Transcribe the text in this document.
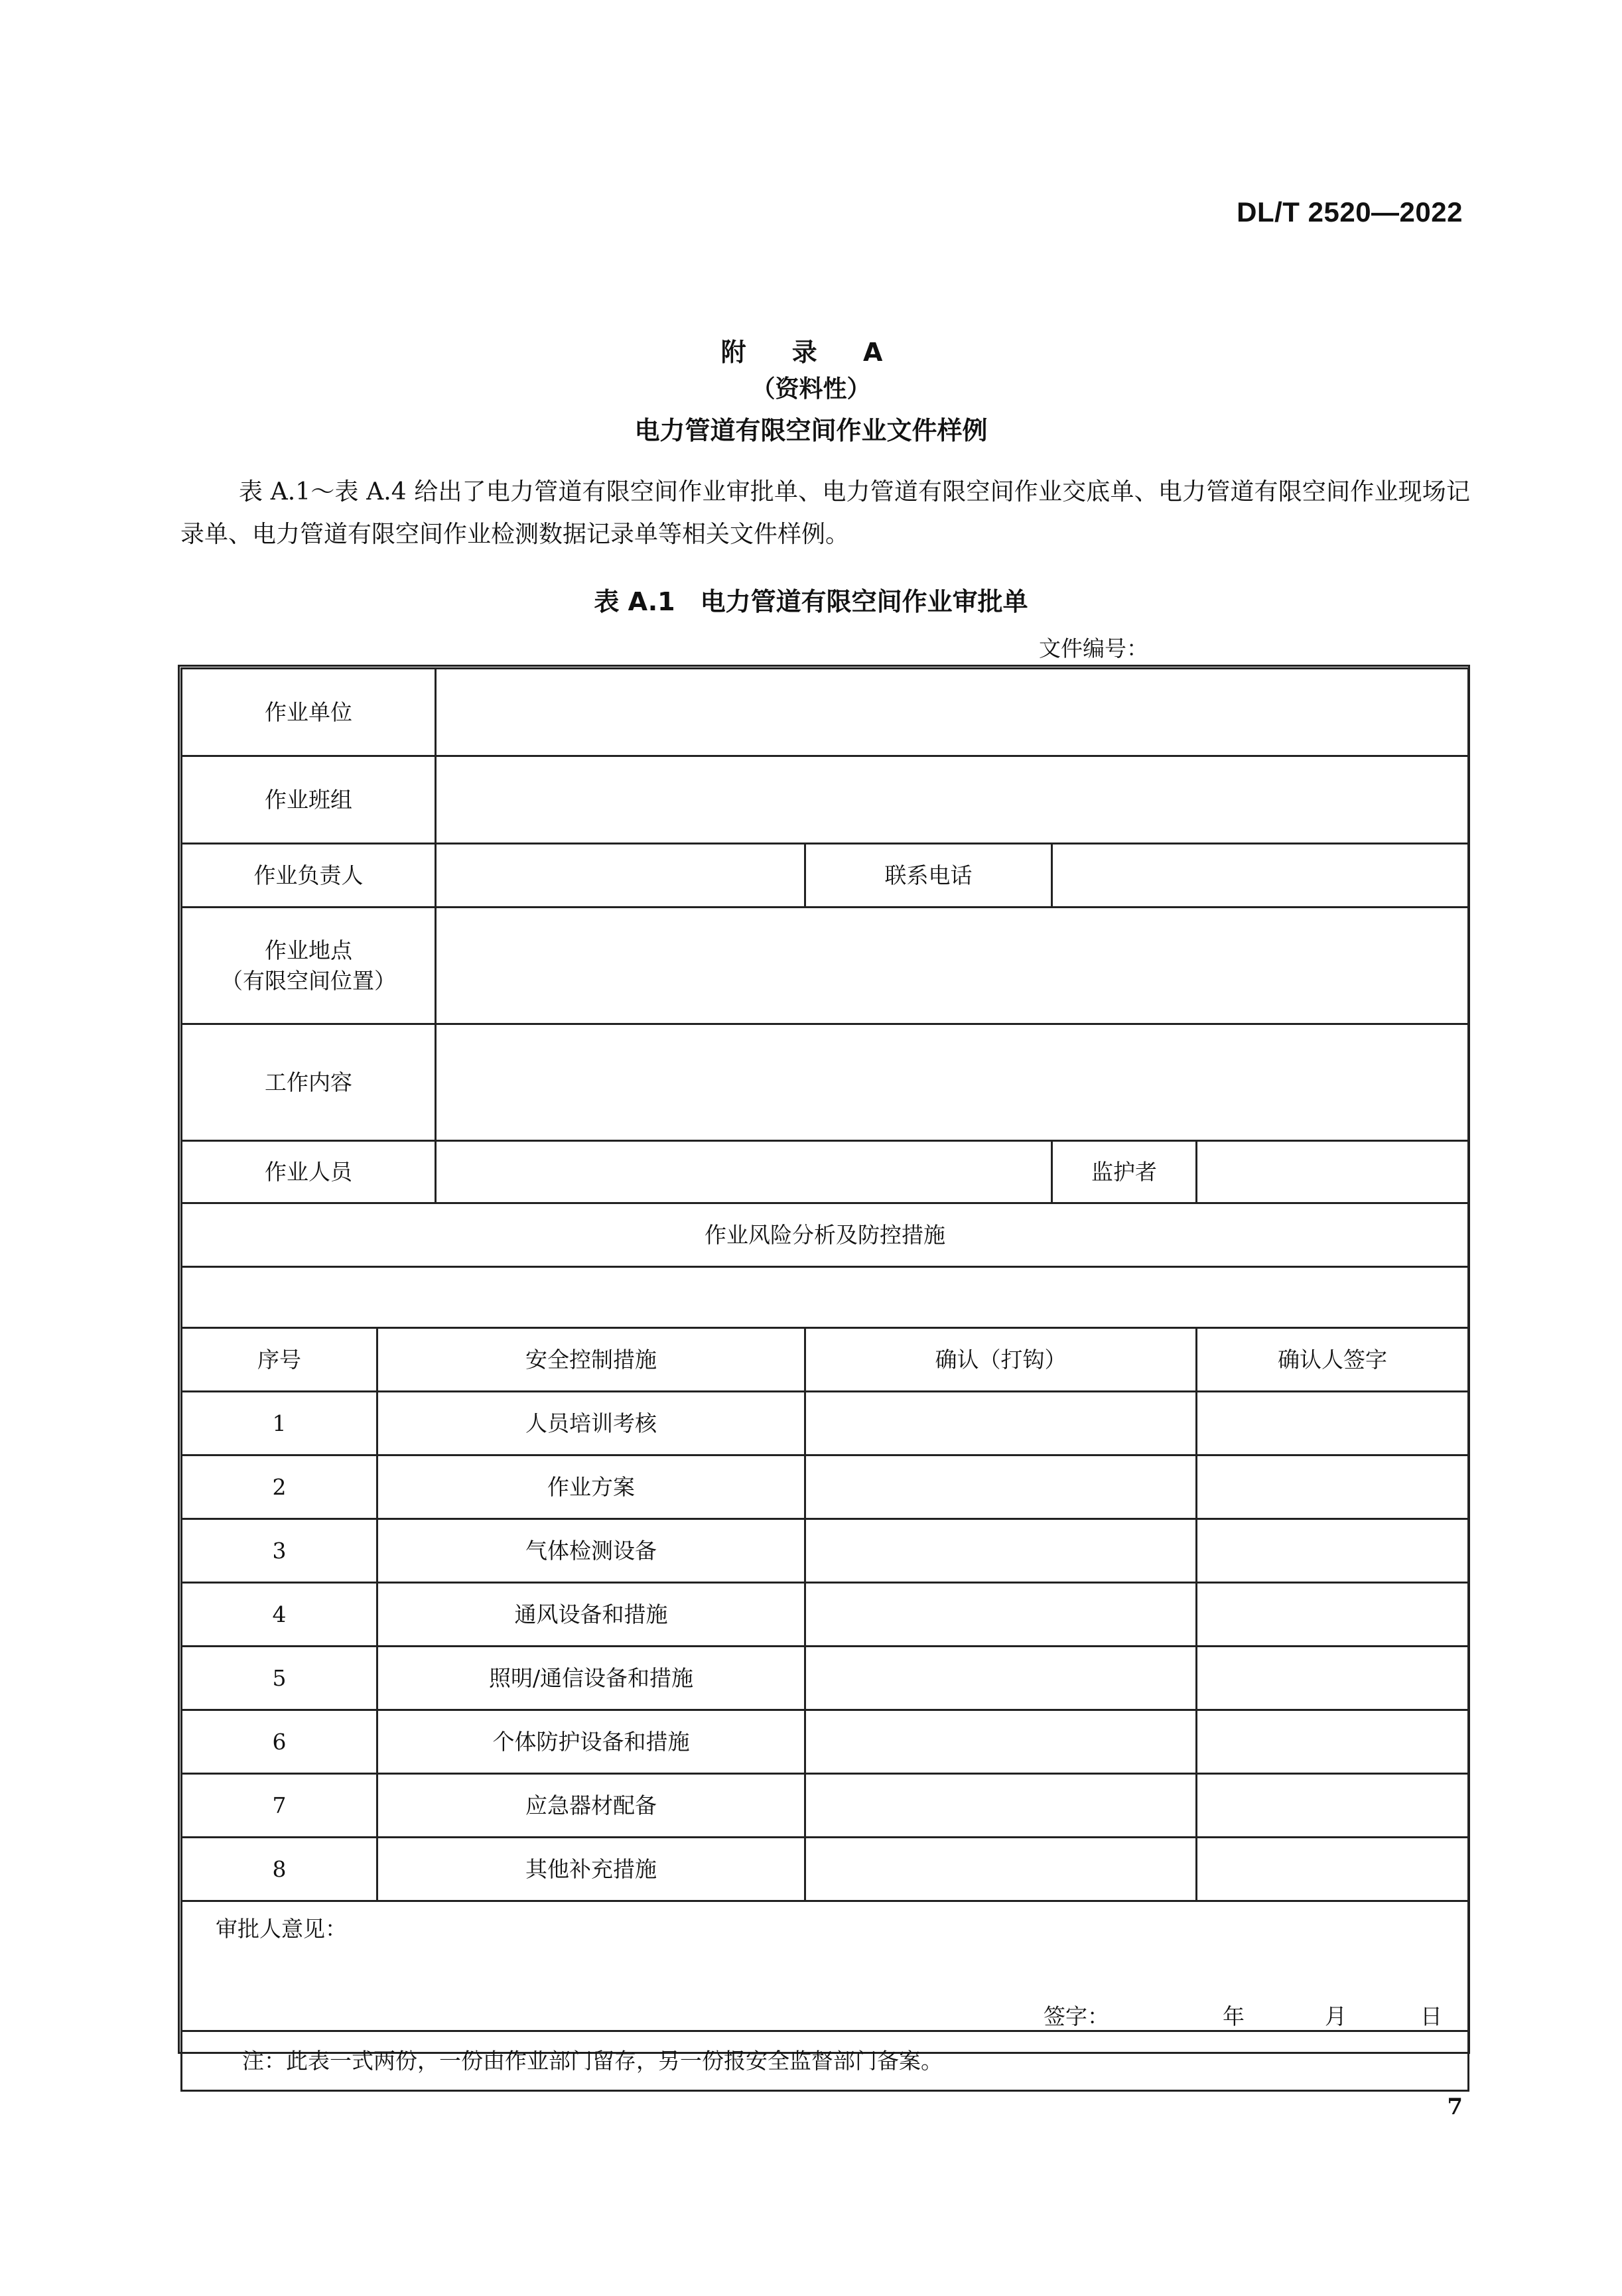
DL/T 2520—2022
附 录 A
（资料性）
电力管道有限空间作业文件样例
表 A.1～表 A.4 给出了电力管道有限空间作业审批单、电力管道有限空间作业交底单、电力管道有限空间作业现场记录单、电力管道有限空间作业检测数据记录单等相关文件样例。
表 A.1　电力管道有限空间作业审批单
文件编号：
作业单位					
作业班组					
作业负责人			联系电话		

作业地点
（有限空间位置）					

工作内容					
作业人员				监护者	
作业风险分析及防控措施					

序号	安全控制措施		确认（打钩）		确认人签字
1	人员培训考核				
2	作业方案				
3	气体检测设备				
4	通风设备和措施				
5	照明/通信设备和措施				
6	个体防护设备和措施				
7	应急器材配备				
8	其他补充措施				

审批人意见：
签字： 年 月 日					

注：此表一式两份，一份由作业部门留存，另一份报安全监督部门备案。					
7
